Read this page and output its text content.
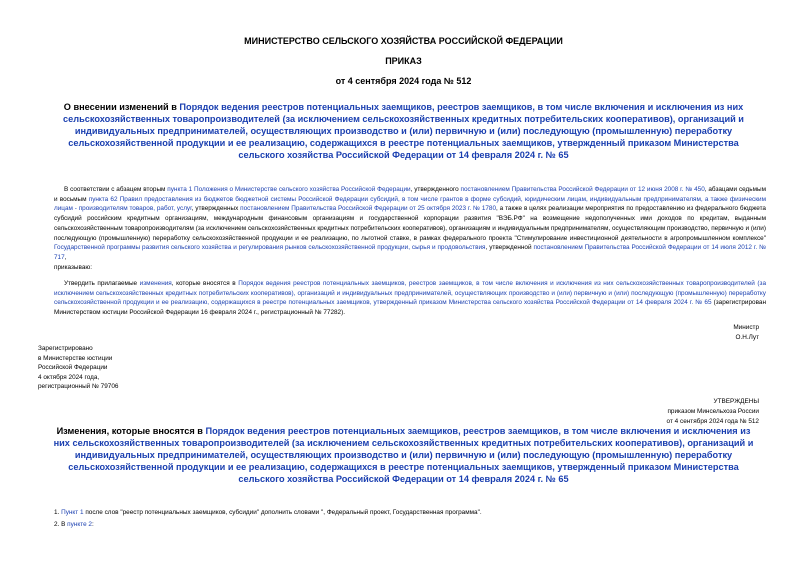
МИНИСТЕРСТВО СЕЛЬСКОГО ХОЗЯЙСТВА РОССИЙСКОЙ ФЕДЕРАЦИИ
ПРИКАЗ
от 4 сентября 2024 года № 512
О внесении изменений в Порядок ведения реестров потенциальных заемщиков, реестров заемщиков, в том числе включения и исключения из них сельскохозяйственных товаропроизводителей (за исключением сельскохозяйственных кредитных потребительских кооперативов), организаций и индивидуальных предпринимателей, осуществляющих производство и (или) первичную и (или) последующую (промышленную) переработку сельскохозяйственной продукции и ее реализацию, содержащихся в реестре потенциальных заемщиков, утвержденный приказом Министерства сельского хозяйства Российской Федерации от 14 февраля 2024 г. № 65
В соответствии с абзацем вторым пункта 1 Положения о Министерстве сельского хозяйства Российской Федерации, утвержденного постановлением Правительства Российской Федерации от 12 июня 2008 г. № 450, абзацами седьмым и восьмым пункта 62 Правил предоставления из бюджетов бюджетной системы Российской Федерации субсидий, в том числе грантов в форме субсидий, юридическим лицам, индивидуальным предпринимателям, а также физическим лицам - производителям товаров, работ, услуг, утвержденных постановлением Правительства Российской Федерации от 25 октября 2023 г. № 1780, а также в целях реализации мероприятия по предоставлению из федерального бюджета субсидий российским кредитным организациям, международным финансовым организациям и государственной корпорации развития "ВЭБ.РФ" на возмещение недополученных ими доходов по кредитам, выданным сельскохозяйственным товаропроизводителям (за исключением сельскохозяйственных кредитных потребительских кооперативов), организациям и индивидуальным предпринимателям, осуществляющим производство, первичную и (или) последующую (промышленную) переработку сельскохозяйственной продукции и ее реализацию, по льготной ставке, в рамках федерального проекта "Стимулирование инвестиционной деятельности в агропромышленном комплексе" Государственной программы развития сельского хозяйства и регулирования рынков сельскохозяйственной продукции, сырья и продовольствия, утвержденной постановлением Правительства Российской Федерации от 14 июля 2012 г. № 717,
приказываю:
Утвердить прилагаемые изменения, которые вносятся в Порядок ведения реестров потенциальных заемщиков, реестров заемщиков, в том числе включения и исключения из них сельскохозяйственных товаропроизводителей (за исключением сельскохозяйственных кредитных потребительских кооперативов), организаций и индивидуальных предпринимателей, осуществляющих производство и (или) первичную и (или) последующую (промышленную) переработку сельскохозяйственной продукции и ее реализацию, содержащихся в реестре потенциальных заемщиков, утвержденный приказом Министерства сельского хозяйства Российской Федерации от 14 февраля 2024 г. № 65 (зарегистрирован Министерством юстиции Российской Федерации 16 февраля 2024 г., регистрационный № 77282).
Министр
О.Н.Лут
Зарегистрировано
в Министерстве юстиции
Российской Федерации
4 октября 2024 года,
регистрационный № 79706
УТВЕРЖДЕНЫ
приказом Минсельхоза России
от 4 сентября 2024 года № 512
Изменения, которые вносятся в Порядок ведения реестров потенциальных заемщиков, реестров заемщиков, в том числе включения и исключения из них сельскохозяйственных товаропроизводителей (за исключением сельскохозяйственных кредитных потребительских кооперативов), организаций и индивидуальных предпринимателей, осуществляющих производство и (или) первичную и (или) последующую (промышленную) переработку сельскохозяйственной продукции и ее реализацию, содержащихся в реестре потенциальных заемщиков, утвержденный приказом Министерства сельского хозяйства Российской Федерации от 14 февраля 2024 г. № 65
1. Пункт 1 после слов "реестр потенциальных заемщиков, субсидии" дополнить словами ", Федеральный проект, Государственная программа".
2. В пункте 2:
